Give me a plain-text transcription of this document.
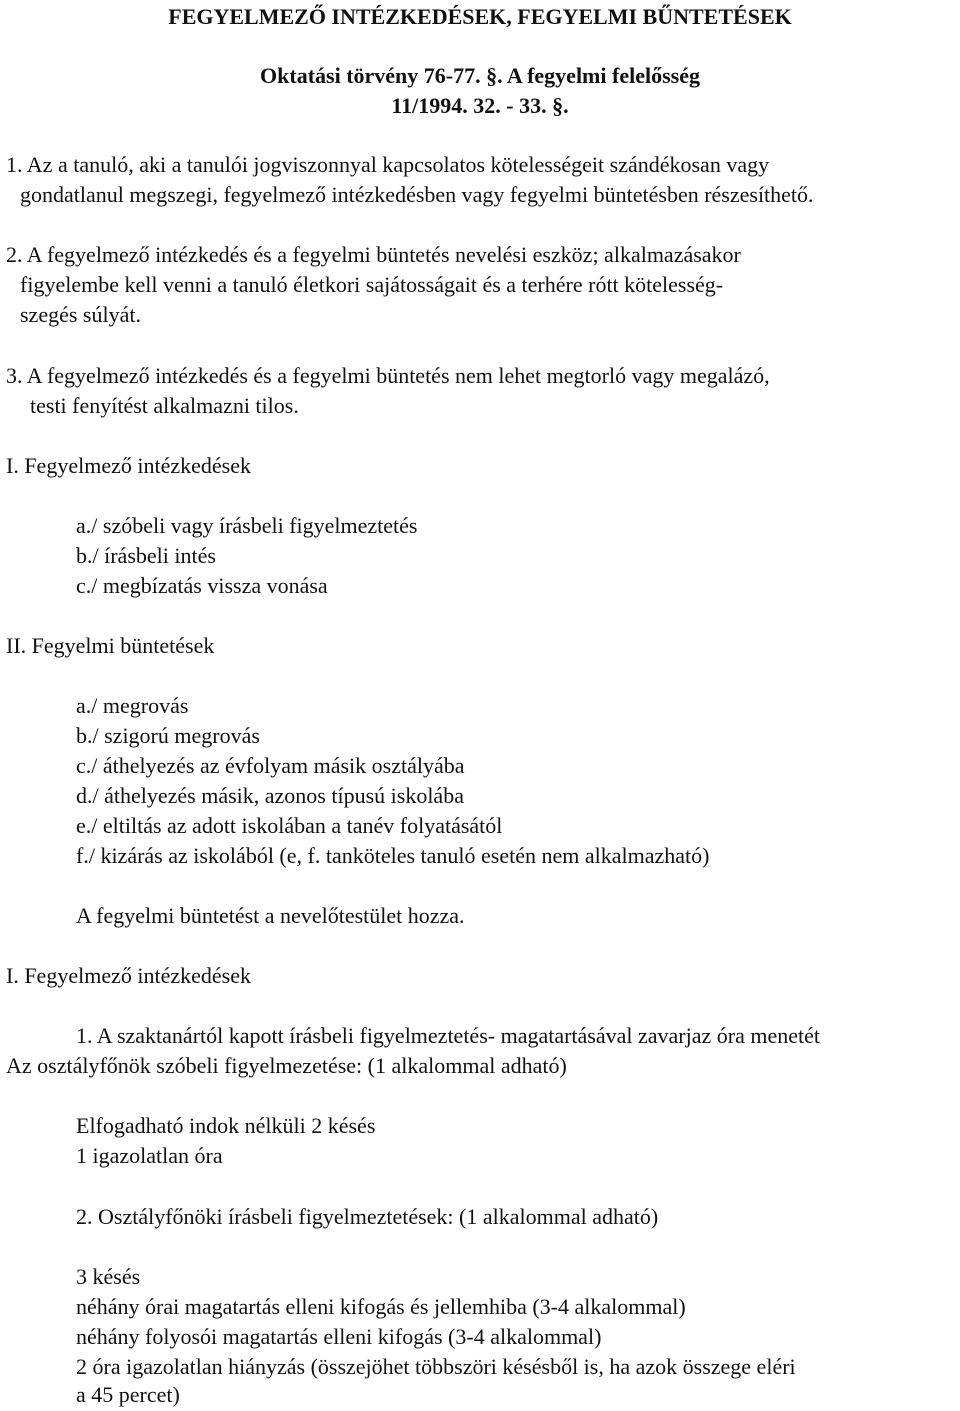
FEGYELMEZŐ INTÉZKEDÉSEK, FEGYELMI BŰNTETÉSEK
Oktatási törvény 76-77. §. A fegyelmi felelősség
11/1994. 32. - 33. §.
1. Az a tanuló, aki a tanulói jogviszonnyal kapcsolatos kötelességeit szándékosan vagy
gondatlanul megszegi, fegyelmező intézkedésben vagy fegyelmi büntetésben részesíthető.
2. A fegyelmező intézkedés és a fegyelmi büntetés nevelési eszköz; alkalmazásakor
figyelembe kell venni a tanuló életkori sajátosságait és a terhére rótt kötelesség-
szegés súlyát.
3. A fegyelmező intézkedés és a fegyelmi büntetés nem lehet megtorló vagy megalázó,
testi fenyítést alkalmazni tilos.
I. Fegyelmező intézkedések
a./ szóbeli vagy írásbeli figyelmeztetés
b./ írásbeli intés
c./ megbízatás vissza vonása
II. Fegyelmi büntetések
a./ megrovás
b./ szigorú megrovás
c./ áthelyezés az évfolyam másik osztályába
d./ áthelyezés másik, azonos típusú iskolába
e./ eltiltás az adott iskolában a tanév folyatásától
f./ kizárás az iskolából (e, f. tanköteles tanuló esetén nem alkalmazható)
A fegyelmi büntetést a nevelőtestület hozza.
I. Fegyelmező intézkedések
1. A szaktanártól kapott írásbeli figyelmeztetés- magatartásával zavarjaz óra menetét
Az osztályfőnök szóbeli figyelmezetése: (1 alkalommal adható)
Elfogadható indok nélküli 2 késés
1 igazolatlan óra
2. Osztályfőnöki írásbeli figyelmeztetések: (1 alkalommal adható)
3 késés
néhány órai magatartás elleni kifogás és jellemhiba (3-4 alkalommal)
néhány folyosói magatartás elleni kifogás (3-4 alkalommal)
2 óra igazolatlan hiányzás (összejöhet többszöri késésből is, ha azok összege eléri
a 45 percet)
